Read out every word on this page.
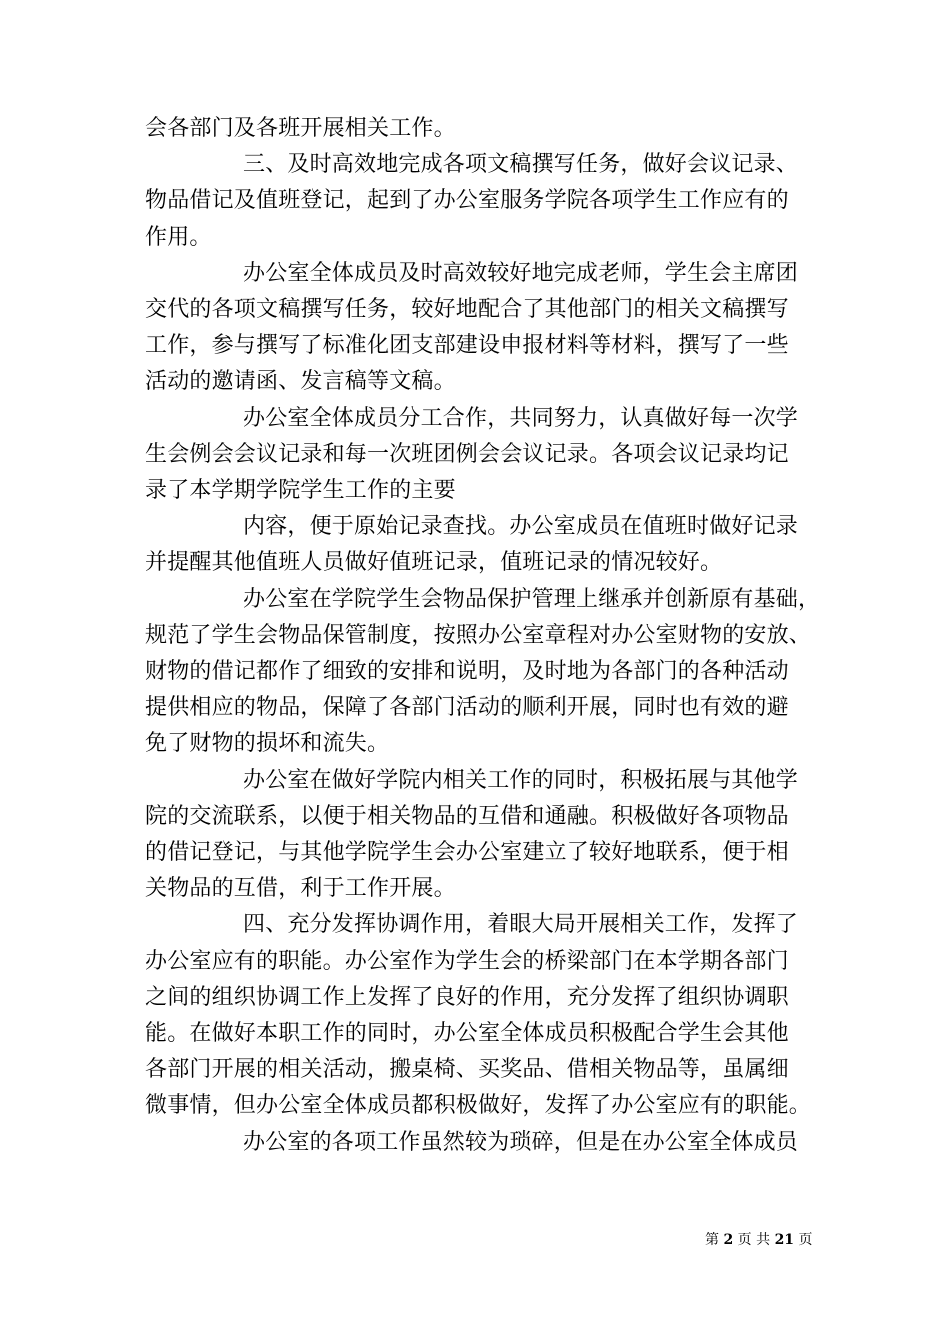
会各部门及各班开展相关工作。
三、及时高效地完成各项文稿撰写任务，做好会议记录、
物品借记及值班登记，起到了办公室服务学院各项学生工作应有的
作用。
办公室全体成员及时高效较好地完成老师，学生会主席团
交代的各项文稿撰写任务，较好地配合了其他部门的相关文稿撰写
工作，参与撰写了标准化团支部建设申报材料等材料，撰写了一些
活动的邀请函、发言稿等文稿。
办公室全体成员分工合作，共同努力，认真做好每一次学
生会例会会议记录和每一次班团例会会议记录。各项会议记录均记
录了本学期学院学生工作的主要
内容，便于原始记录查找。办公室成员在值班时做好记录
并提醒其他值班人员做好值班记录，值班记录的情况较好。
办公室在学院学生会物品保护管理上继承并创新原有基础，
规范了学生会物品保管制度，按照办公室章程对办公室财物的安放、
财物的借记都作了细致的安排和说明，及时地为各部门的各种活动
提供相应的物品，保障了各部门活动的顺利开展，同时也有效的避
免了财物的损坏和流失。
办公室在做好学院内相关工作的同时，积极拓展与其他学
院的交流联系，以便于相关物品的互借和通融。积极做好各项物品
的借记登记，与其他学院学生会办公室建立了较好地联系，便于相
关物品的互借，利于工作开展。
四、充分发挥协调作用，着眼大局开展相关工作，发挥了
办公室应有的职能。办公室作为学生会的桥梁部门在本学期各部门
之间的组织协调工作上发挥了良好的作用，充分发挥了组织协调职
能。在做好本职工作的同时，办公室全体成员积极配合学生会其他
各部门开展的相关活动，搬桌椅、买奖品、借相关物品等，虽属细
微事情，但办公室全体成员都积极做好，发挥了办公室应有的职能。
办公室的各项工作虽然较为琐碎，但是在办公室全体成员
第 2 页 共 21 页
